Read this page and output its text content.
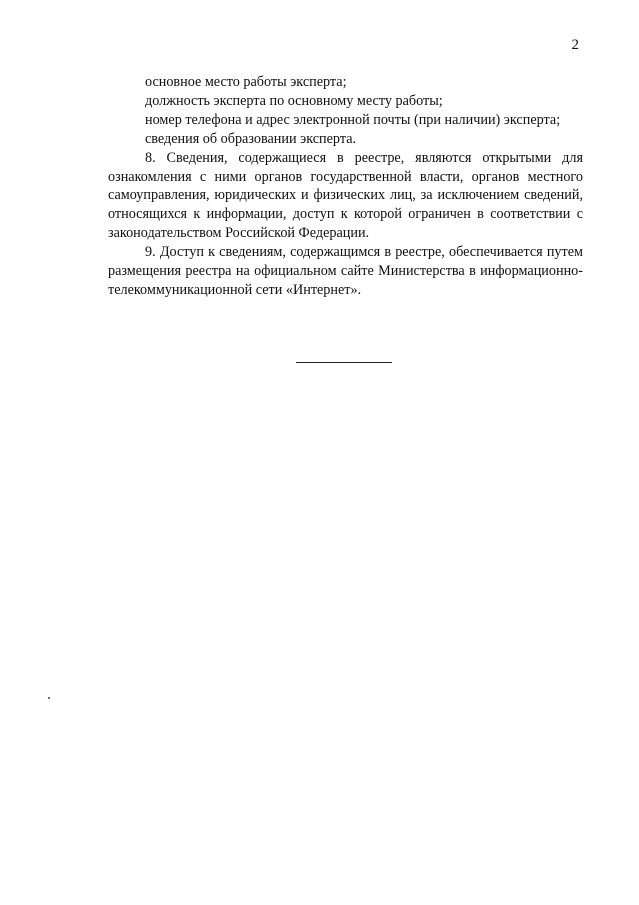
2

основное место работы эксперта;

должность эксперта по основному месту работы;

номер телефона и адрес электронной почты (при наличии) эксперта;

сведения об образовании эксперта.

8. Сведения, содержащиеся в реестре, являются открытыми для ознакомления с ними органов государственной власти, органов местного самоуправления, юридических и физических лиц, за исключением сведений, относящихся к информации, доступ к которой ограничен в соответствии с законодательством Российской Федерации.

9. Доступ к сведениям, содержащимся в реестре, обеспечивается путем размещения реестра на официальном сайте Министерства в информационно-телекоммуникационной сети «Интернет».
